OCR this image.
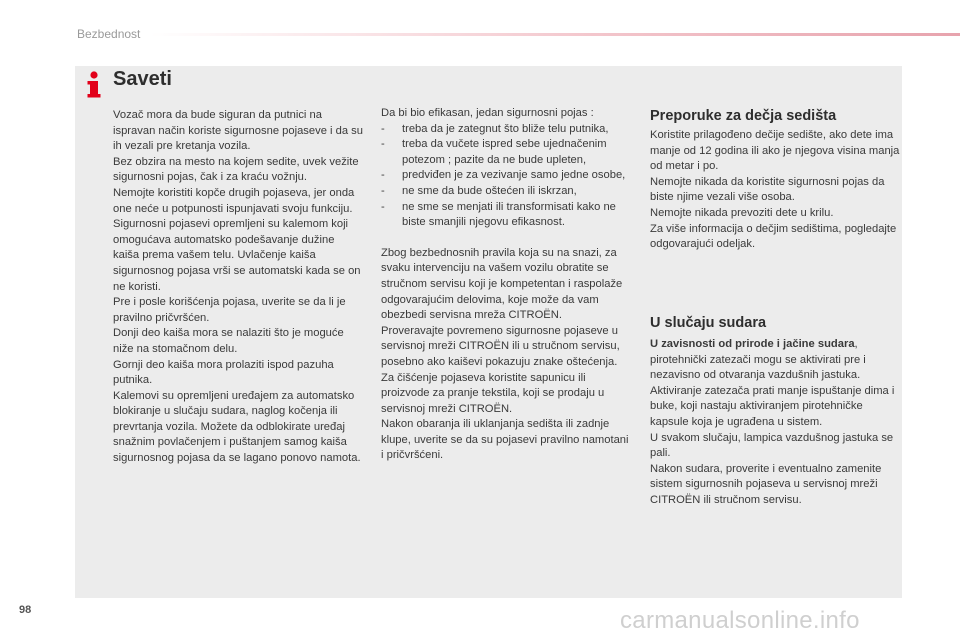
Bezbednost
Saveti

Vozač mora da bude siguran da putnici na ispravan način koriste sigurnosne pojaseve i da su ih vezali pre kretanja vozila.

Bez obzira na mesto na kojem sedite, uvek vežite sigurnosni pojas, čak i za kraću vožnju.

Nemojte koristiti kopče drugih pojaseva, jer onda one neće u potpunosti ispunjavati svoju funkciju.

Sigurnosni pojasevi opremljeni su kalemom koji omogućava automatsko podešavanje dužine kaiša prema vašem telu. Uvlačenje kaiša sigurnosnog pojasa vrši se automatski kada se on ne koristi.

Pre i posle korišćenja pojasa, uverite se da li je pravilno pričvršćen.

Donji deo kaiša mora se nalaziti što je moguće niže na stomačnom delu.

Gornji deo kaiša mora prolaziti ispod pazuha putnika.

Kalemovi su opremljeni uređajem za automatsko blokiranje u slučaju sudara, naglog kočenja ili prevrtanja vozila. Možete da odblokirate uređaj snažnim povlačenjem i puštanjem samog kaiša sigurnosnog pojasa da se lagano ponovo namota.

Da bi bio efikasan, jedan sigurnosni pojas :

- treba da je zategnut što bliže telu putnika,
- treba da vučete ispred sebe ujednačenim potezom ; pazite da ne bude upleten,
- predviđen je za vezivanje samo jedne osobe,
- ne sme da bude oštećen ili iskrzan,
- ne sme se menjati ili transformisati kako ne biste smanjili njegovu efikasnost.

Zbog bezbednosnih pravila koja su na snazi, za svaku intervenciju na vašem vozilu obratite se stručnom servisu koji je kompetentan i raspolaže odgovarajućim delovima, koje može da vam obezbedi servisna mreža CITROËN.

Proveravajte povremeno sigurnosne pojaseve u servisnoj mreži CITROËN ili u stručnom servisu, posebno ako kaiševi pokazuju znake oštećenja.

Za čišćenje pojaseva koristite sapunicu ili proizvode za pranje tekstila, koji se prodaju u servisnoj mreži CITROËN.

Nakon obaranja ili uklanjanja sedišta ili zadnje klupe, uverite se da su pojasevi pravilno namotani i pričvršćeni.

Preporuke za dečja sedišta

Koristite prilagođeno dečije sedište, ako dete ima manje od 12 godina ili ako je njegova visina manja od metar i po.

Nemojte nikada da koristite sigurnosni pojas da biste njime vezali više osoba.

Nemojte nikada prevoziti dete u krilu.

Za više informacija o dečjim sedištima, pogledajte odgovarajući odeljak.

U slučaju sudara

U zavisnosti od prirode i jačine sudara, pirotehnički zatezači mogu se aktivirati pre i nezavisno od otvaranja vazdušnih jastuka. Aktiviranje zatezača prati manje ispuštanje dima i buke, koji nastaju aktiviranjem pirotehničke kapsule koja je ugrađena u sistem.

U svakom slučaju, lampica vazdušnog jastuka se pali.

Nakon sudara, proverite i eventualno zamenite sistem sigurnosnih pojaseva u servisnoj mreži CITROËN ili stručnom servisu.

98	carmanualsonline.info
